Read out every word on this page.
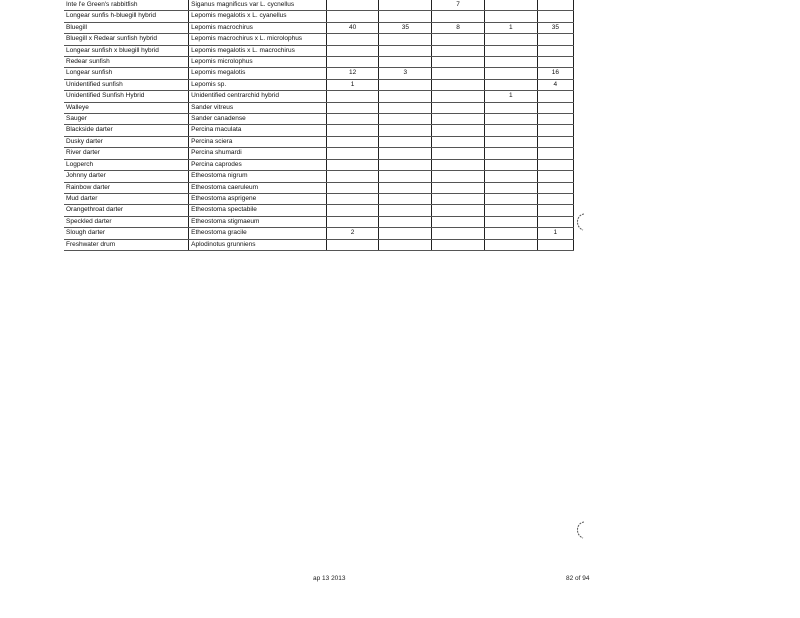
Inte l'e Green's rabbitfish	Siganus magnificus var L. cycnellus			7		
Longear sunfis h-bluegill hybrid	Lepomis megalotis x L. cyanellus					
Bluegill	Lepomis macrochirus	40	35	8	1	35
Bluegill x Redear sunfish hybrid	Lepomis macrochirus x L. microlophus					
Longear sunfish x bluegill hybrid	Lepomis megalotis x L. macrochirus					
Redear sunfish	Lepomis microlophus					
Longear sunfish	Lepomis megalotis	12	3			16
Unidentified sunfish	Lepomis sp.	1				4
Unidentified Sunfish Hybrid	Unidentified centrarchid hybrid				1	
Walleye	Sander vitreus					
Sauger	Sander canadense					
Blackside darter	Percina maculata					
Dusky darter	Percina sciera					
River darter	Percina shumardi					
Logperch	Percina caprodes					
Johnny darter	Etheostoma nigrum					
Rainbow darter	Etheostoma caeruleum					
Mud darter	Etheostoma asprigene					
Orangethroat darter	Etheostoma spectabile					
Speckled darter	Etheostoma stigmaeum					
Slough darter	Etheostoma gracile	2				1
Freshwater drum	Aplodinotus grunniens					
ap 13 2013	82 of 94
